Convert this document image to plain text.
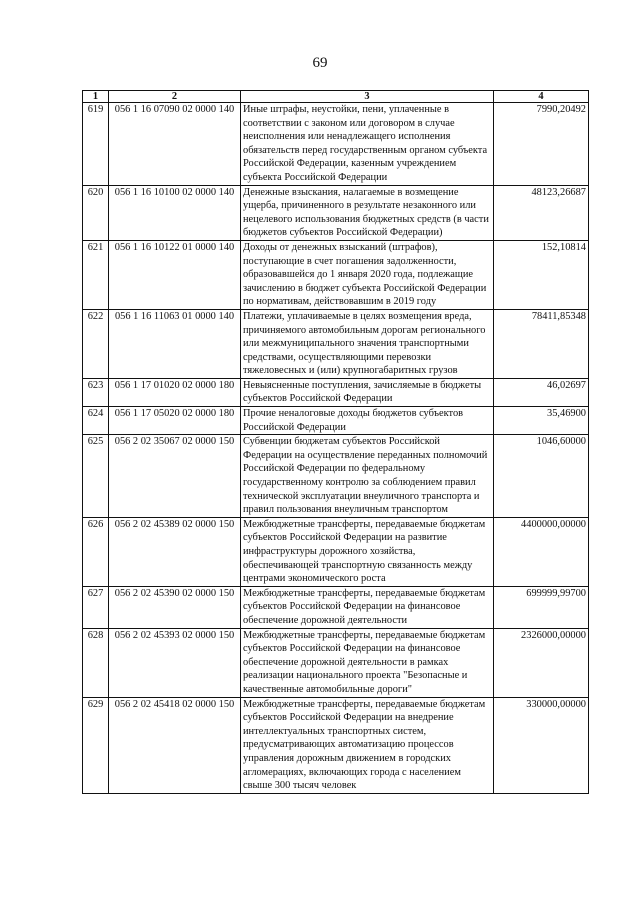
69
1	2	3	4
619	056 1 16 07090 02 0000 140	Иные штрафы, неустойки, пени, уплаченные в соответствии с законом или договором в случае неисполнения или ненадлежащего исполнения обязательств перед государственным органом субъекта Российской Федерации, казенным учреждением субъекта Российской Федерации	7990,20492
620	056 1 16 10100 02 0000 140	Денежные взыскания, налагаемые в возмещение ущерба, причиненного в результате незаконного или нецелевого использования бюджетных средств (в части бюджетов субъектов Российской Федерации)	48123,26687
621	056 1 16 10122 01 0000 140	Доходы от денежных взысканий (штрафов), поступающие в счет погашения задолженности, образовавшейся до 1 января 2020 года, подлежащие зачислению в бюджет субъекта Российской Федерации по нормативам, действовавшим в 2019 году	152,10814
622	056 1 16 11063 01 0000 140	Платежи, уплачиваемые в целях возмещения вреда, причиняемого автомобильным дорогам регионального или межмуниципального значения транспортными средствами, осуществляющими перевозки тяжеловесных и (или) крупногабаритных грузов	78411,85348
623	056 1 17 01020 02 0000 180	Невыясненные поступления, зачисляемые в бюджеты субъектов Российской Федерации	46,02697
624	056 1 17 05020 02 0000 180	Прочие неналоговые доходы бюджетов субъектов Российской Федерации	35,46900
625	056 2 02 35067 02 0000 150	Субвенции бюджетам субъектов Российской Федерации на осуществление переданных полномочий Российской Федерации по федеральному государственному контролю за соблюдением правил технической эксплуатации внеуличного транспорта и правил пользования внеуличным транспортом	1046,60000
626	056 2 02 45389 02 0000 150	Межбюджетные трансферты, передаваемые бюджетам субъектов Российской Федерации на развитие инфраструктуры дорожного хозяйства, обеспечивающей транспортную связанность между центрами экономического роста	4400000,00000
627	056 2 02 45390 02 0000 150	Межбюджетные трансферты, передаваемые бюджетам субъектов Российской Федерации на финансовое обеспечение дорожной деятельности	699999,99700
628	056 2 02 45393 02 0000 150	Межбюджетные трансферты, передаваемые бюджетам субъектов Российской Федерации на финансовое обеспечение дорожной деятельности в рамках реализации национального проекта "Безопасные и качественные автомобильные дороги"	2326000,00000
629	056 2 02 45418 02 0000 150	Межбюджетные трансферты, передаваемые бюджетам субъектов Российской Федерации на внедрение интеллектуальных транспортных систем, предусматривающих автоматизацию процессов управления дорожным движением в городских агломерациях, включающих города с населением свыше 300 тысяч человек	330000,00000
